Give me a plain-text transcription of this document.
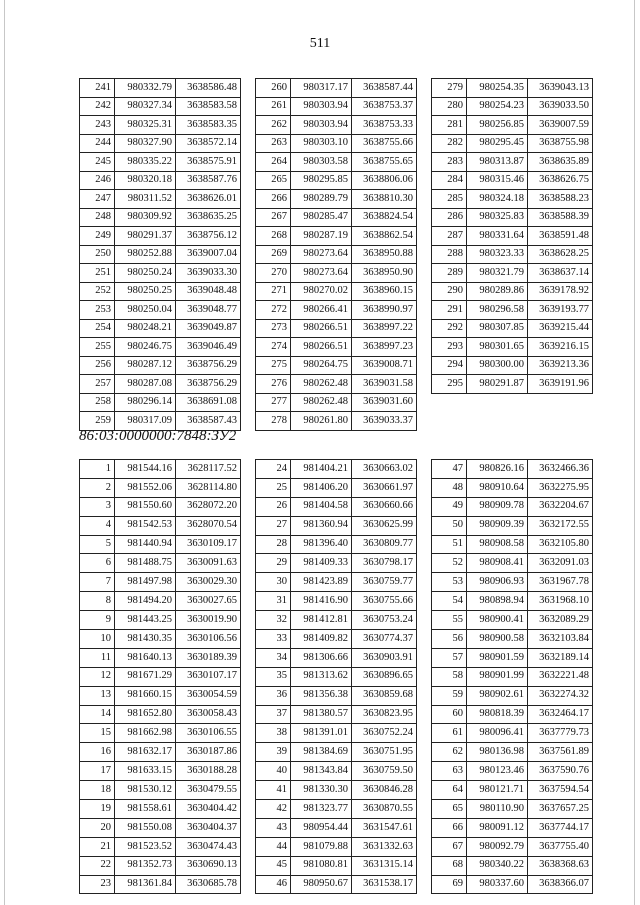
511
241	980332.79	3638586.48
242	980327.34	3638583.58
243	980325.31	3638583.35
244	980327.90	3638572.14
245	980335.22	3638575.91
246	980320.18	3638587.76
247	980311.52	3638626.01
248	980309.92	3638635.25
249	980291.37	3638756.12
250	980252.88	3639007.04
251	980250.24	3639033.30
252	980250.25	3639048.48
253	980250.04	3639048.77
254	980248.21	3639049.87
255	980246.75	3639046.49
256	980287.12	3638756.29
257	980287.08	3638756.29
258	980296.14	3638691.08
259	980317.09	3638587.43
260	980317.17	3638587.44
261	980303.94	3638753.37
262	980303.94	3638753.33
263	980303.10	3638755.66
264	980303.58	3638755.65
265	980295.85	3638806.06
266	980289.79	3638810.30
267	980285.47	3638824.54
268	980287.19	3638862.54
269	980273.64	3638950.88
270	980273.64	3638950.90
271	980270.02	3638960.15
272	980266.41	3638990.97
273	980266.51	3638997.22
274	980266.51	3638997.23
275	980264.75	3639008.71
276	980262.48	3639031.58
277	980262.48	3639031.60
278	980261.80	3639033.37
279	980254.35	3639043.13
280	980254.23	3639033.50
281	980256.85	3639007.59
282	980295.45	3638755.98
283	980313.87	3638635.89
284	980315.46	3638626.75
285	980324.18	3638588.23
286	980325.83	3638588.39
287	980331.64	3638591.48
288	980323.33	3638628.25
289	980321.79	3638637.14
290	980289.86	3639178.92
291	980296.58	3639193.77
292	980307.85	3639215.44
293	980301.65	3639216.15
294	980300.00	3639213.36
295	980291.87	3639191.96
86:03:0000000:7848:ЗУ2
1	981544.16	3628117.52
2	981552.06	3628114.80
3	981550.60	3628072.20
4	981542.53	3628070.54
5	981440.94	3630109.17
6	981488.75	3630091.63
7	981497.98	3630029.30
8	981494.20	3630027.65
9	981443.25	3630019.90
10	981430.35	3630106.56
11	981640.13	3630189.39
12	981671.29	3630107.17
13	981660.15	3630054.59
14	981652.80	3630058.43
15	981662.98	3630106.55
16	981632.17	3630187.86
17	981633.15	3630188.28
18	981530.12	3630479.55
19	981558.61	3630404.42
20	981550.08	3630404.37
21	981523.52	3630474.43
22	981352.73	3630690.13
23	981361.84	3630685.78
24	981404.21	3630663.02
25	981406.20	3630661.97
26	981404.58	3630660.66
27	981360.94	3630625.99
28	981396.40	3630809.77
29	981409.33	3630798.17
30	981423.89	3630759.77
31	981416.90	3630755.66
32	981412.81	3630753.24
33	981409.82	3630774.37
34	981306.66	3630903.91
35	981313.62	3630896.65
36	981356.38	3630859.68
37	981380.57	3630823.95
38	981391.01	3630752.24
39	981384.69	3630751.95
40	981343.84	3630759.50
41	981330.30	3630846.28
42	981323.77	3630870.55
43	980954.44	3631547.61
44	981079.88	3631332.63
45	981080.81	3631315.14
46	980950.67	3631538.17
47	980826.16	3632466.36
48	980910.64	3632275.95
49	980909.78	3632204.67
50	980909.39	3632172.55
51	980908.58	3632105.80
52	980908.41	3632091.03
53	980906.93	3631967.78
54	980898.94	3631968.10
55	980900.41	3632089.29
56	980900.58	3632103.84
57	980901.59	3632189.14
58	980901.99	3632221.48
59	980902.61	3632274.32
60	980818.39	3632464.17
61	980096.41	3637779.73
62	980136.98	3637561.89
63	980123.46	3637590.76
64	980121.71	3637594.54
65	980110.90	3637657.25
66	980091.12	3637744.17
67	980092.79	3637755.40
68	980340.22	3638368.63
69	980337.60	3638366.07
